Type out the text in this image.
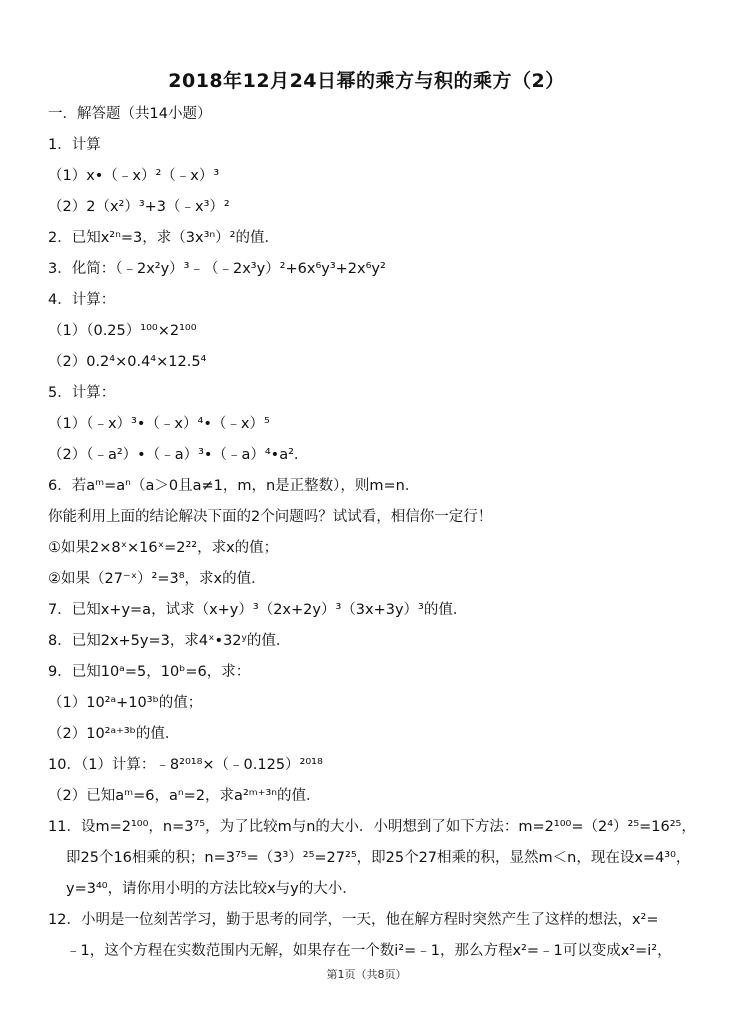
2018年12月24日幂的乘方与积的乘方（2）
一．解答题（共14小题）
1．计算
（1）x•（﹣x）²（﹣x）³
（2）2（x²）³+3（﹣x³）²
2．已知x²ⁿ=3，求（3x³ⁿ）²的值．
3．化简：（﹣2x²y）³﹣（﹣2x³y）²+6x⁶y³+2x⁶y²
4．计算：
（1）（0.25）¹⁰⁰×2¹⁰⁰
（2）0.2⁴×0.4⁴×12.5⁴
5．计算：
（1）（﹣x）³•（﹣x）⁴•（﹣x）⁵
（2）（﹣a²）•（﹣a）³•（﹣a）⁴•a².
6．若aᵐ=aⁿ（a＞0且a≠1，m，n是正整数），则m=n．
你能利用上面的结论解决下面的2个问题吗？试试看，相信你一定行！
①如果2×8ˣ×16ˣ=2²²，求x的值；
②如果（27⁻ˣ）²=3⁸，求x的值．
7．已知x+y=a，试求（x+y）³（2x+2y）³（3x+3y）³的值．
8．已知2x+5y=3，求4ˣ•32ʸ的值．
9．已知10ᵃ=5，10ᵇ=6，求：
（1）10²ᵃ+10³ᵇ的值；
（2）10²ᵃ⁺³ᵇ的值．
10．（1）计算：﹣8²⁰¹⁸×（﹣0.125）²⁰¹⁸
（2）已知aᵐ=6，aⁿ=2，求a²ᵐ⁺³ⁿ的值．
11．设m=2¹⁰⁰，n=3⁷⁵，为了比较m与n的大小．小明想到了如下方法：m=2¹⁰⁰=（2⁴）²⁵=16²⁵，
即25个16相乘的积；n=3⁷⁵=（3³）²⁵=27²⁵，即25个27相乘的积，显然m＜n，现在设x=4³⁰，
y=3⁴⁰，请你用小明的方法比较x与y的大小．
12．小明是一位刻苦学习，勤于思考的同学，一天，他在解方程时突然产生了这样的想法，x²=
﹣1，这个方程在实数范围内无解，如果存在一个数i²=﹣1，那么方程x²=﹣1可以变成x²=i²，
第1页（共8页）
